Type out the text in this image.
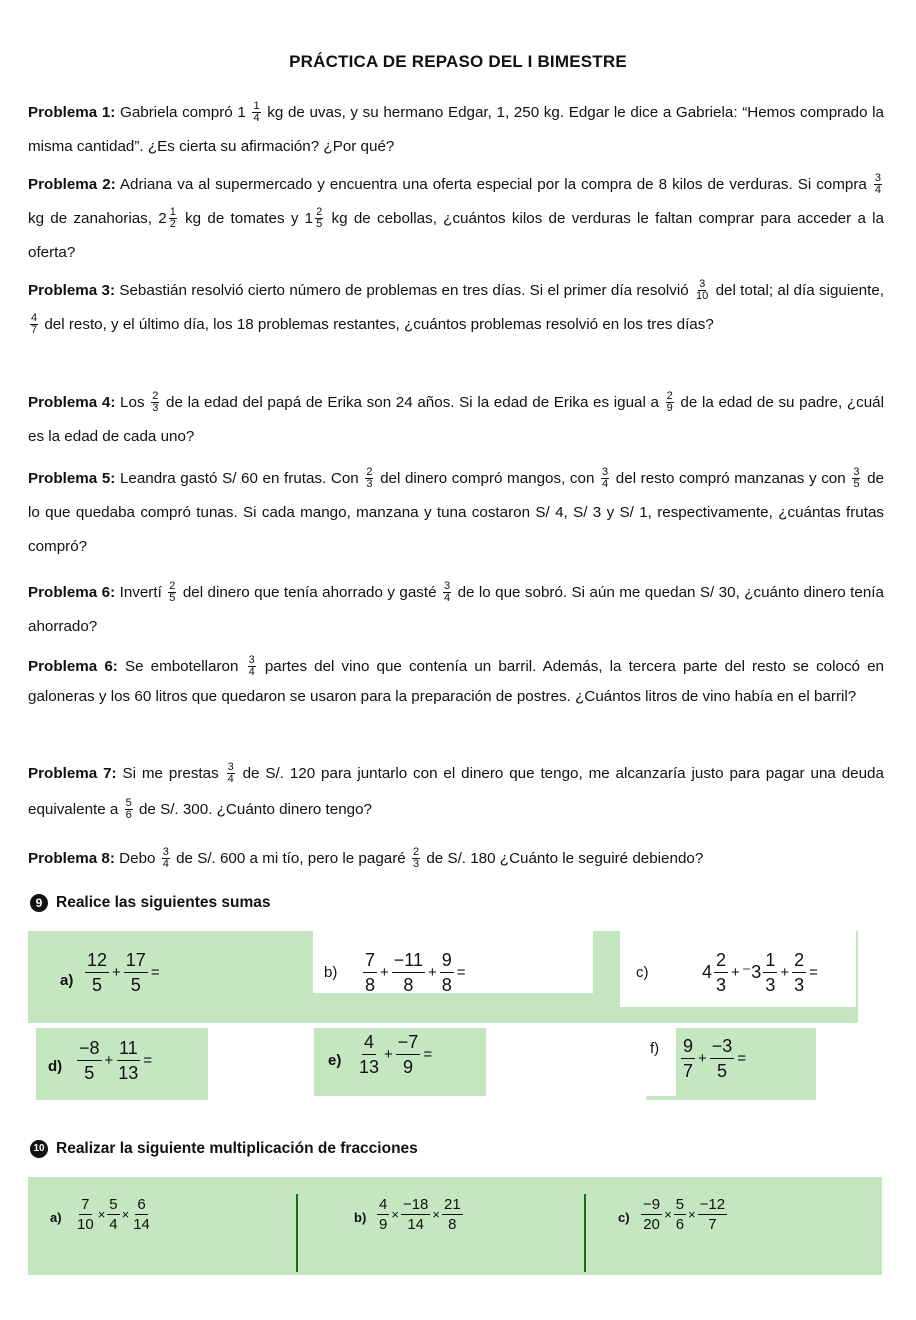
PRÁCTICA DE REPASO DEL I BIMESTRE
Problema 1: Gabriela compró $1 \frac{1}{4}$ kg de uvas, y su hermano Edgar, 1, 250 kg. Edgar le dice a Gabriela: “Hemos comprado la misma cantidad”. ¿Es cierta su afirmación? ¿Por qué?
Problema 2: Adriana va al supermercado y encuentra una oferta especial por la compra de 8 kilos de verduras. Si compra $\frac{3}{4}$
kg de zanahorias, $2 \frac{1}{2}$ kg de tomates y $1 \frac{2}{5}$ kg de cebollas, ¿cuántos kilos de verduras le faltan comprar para acceder a la oferta?
Problema 3: Sebastián resolvió cierto número de problemas en tres días. Si el primer día resolvió $\frac{3}{10}$ del total; al día siguiente,
$\frac{4}{7}$ del resto, y el último día, los 18 problemas restantes, ¿cuántos problemas resolvió en los tres días?
Problema 4: Los $\frac{2}{3}$ de la edad del papá de Erika son 24 años. Si la edad de Erika es igual a $\frac{2}{9}$ de la edad de su padre, ¿cuál es la edad de cada uno?
Problema 5: Leandra gastó S/ 60 en frutas. Con $\frac{2}{3}$ del dinero compró mangos, con $\frac{3}{4}$ del resto compró manzanas y con $\frac{3}{5}$ de lo que quedaba compró tunas. Si cada mango, manzana y tuna costaron S/ 4, S/ 3 y S/ 1, respectivamente, ¿cuántas frutas compró?
Problema 6: Invertí $\frac{2}{5}$ del dinero que tenía ahorrado y gasté $\frac{3}{4}$ de lo que sobró. Si aún me quedan S/ 30, ¿cuánto dinero tenía ahorrado?
Problema 6: Se embotellaron $\frac{3}{4}$ partes del vino que contenía un barril. Además, la tercera parte del resto se colocó en galoneras y los 60 litros que quedaron se usaron para la preparación de postres. ¿Cuántos litros de vino había en el barril?
Problema 7: Si me prestas $\frac{3}{4}$ de S/. 120 para juntarlo con el dinero que tengo, me alcanzaría justo para pagar una deuda equivalente a $\frac{5}{6}$ de S/. 300. ¿Cuánto dinero tengo?
Problema 8: Debo $\frac{3}{4}$ de S/. 600 a mi tío, pero le pagaré $\frac{2}{3}$ de S/. 180 ¿Cuánto le seguiré debiendo?
9 Realice las siguientes sumas
a)
12
5
+ $\frac{17}{5}$ =	b)
7
8
+ $\frac{-11}{8} + \frac{9}{8}$ =	c)	4
2
3
+ ⁻3
1
3
+ $\frac{2}{3}$ =
d)
−8
5
+ $\frac{11}{13}$ =	e)
4
13
+ $\frac{-7}{9}$ =	f) 9
7
+ $\frac{-3}{5}$ =
10 Realizar la siguiente multiplicación de fracciones
$a) \frac{7}{10} \times \frac{5}{4} \times \frac{6}{14}$	$b) \frac{4}{9} \times \frac{-18}{14} \times \frac{21}{8}$	$c) \frac{-9}{20} \times \frac{5}{6} \times \frac{-12}{7}$
